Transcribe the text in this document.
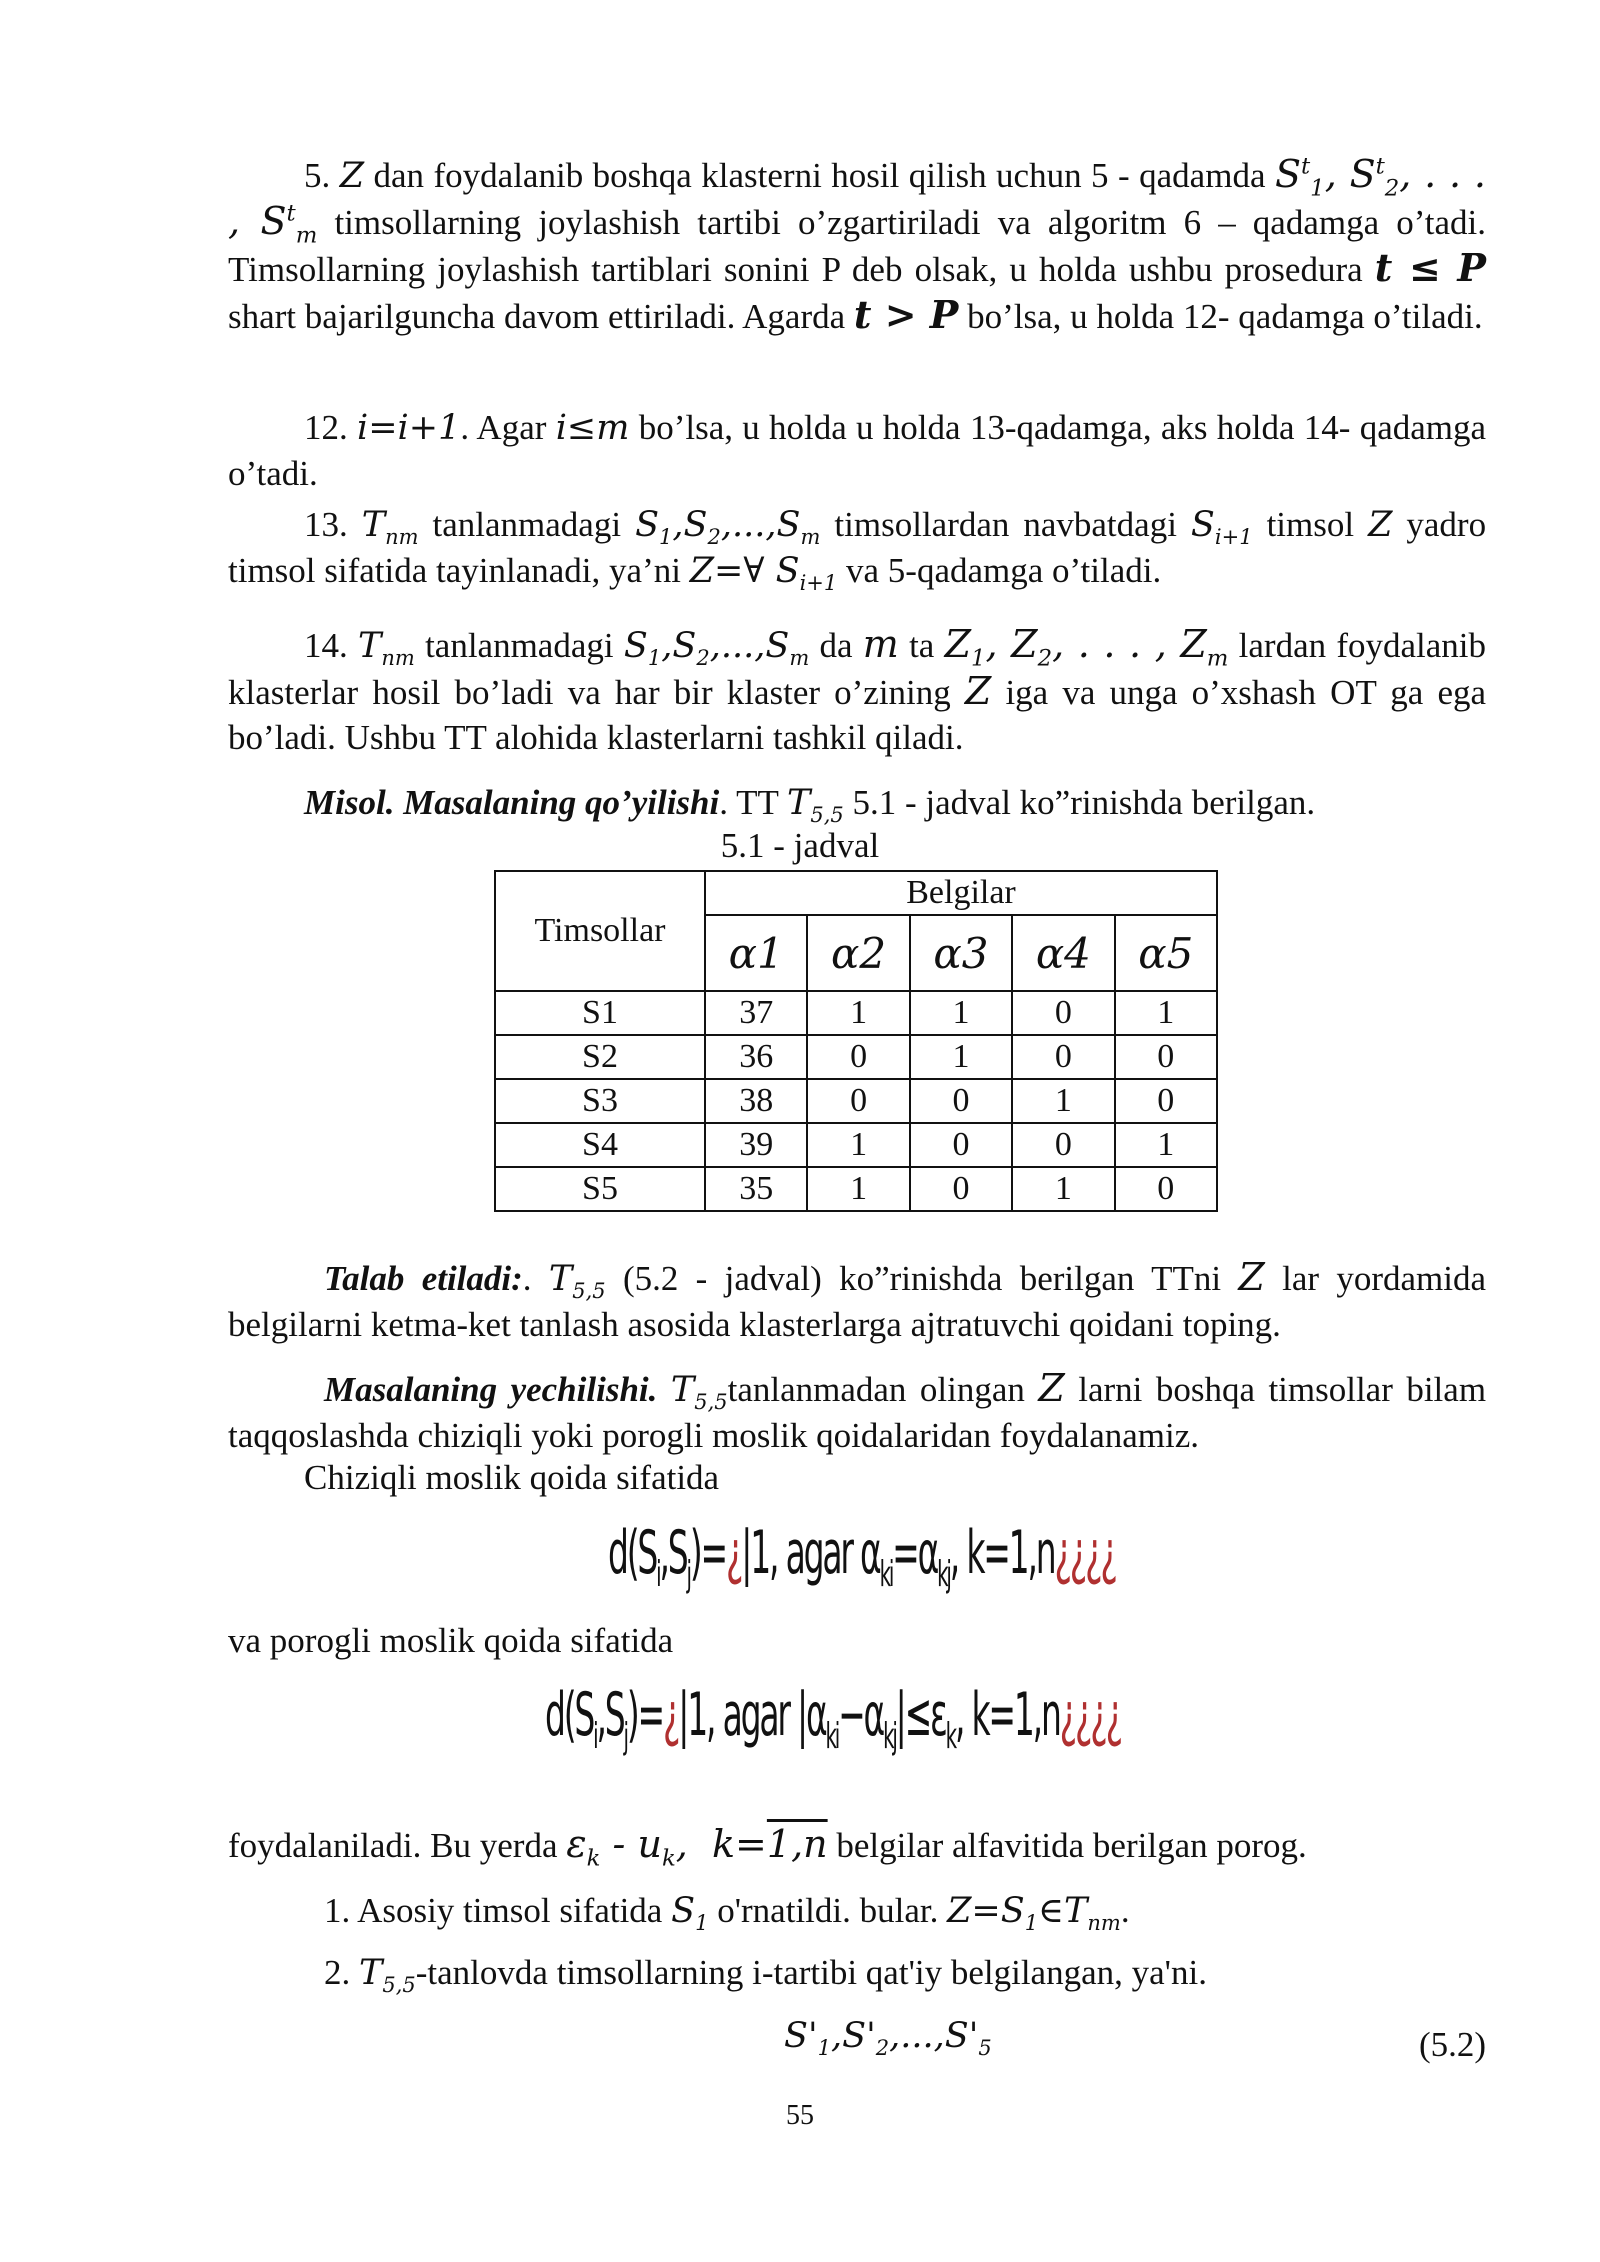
5. Z dan foydalanib boshqa klasterni hosil qilish uchun 5 - qadamda $S^t_1$, $S^t_2$, . . . , $S^t_m$ timsollarning joylashish tartibi o’zgartiriladi va algoritm 6 – qadamga o’tadi. Timsollarning joylashish tartiblari sonini P deb olsak, u holda ushbu prosedura t ≤ P shart bajarilguncha davom ettiriladi. Agarda t > P bo’lsa, u holda 12- qadamga o’tiladi.

12. i=i+1. Agar i≤m bo’lsa, u holda u holda 13-qadamga, aks holda 14- qadamga o’tadi.

13. $T_{nm}$ tanlanmadagi $S_1,S_2,...,S_m$ timsollardan navbatdagi $S_{i+1}$ timsol Z yadro timsol sifatida tayinlanadi, ya’ni Z=∀ $S_{i+1}$ va 5-qadamga o’tiladi.

14. $T_{nm}$ tanlanmadagi $S_1,S_2,...,S_m$ da m ta $Z_1$, $Z_2$, . . . , $Z_m$ lardan foydalanib klasterlar hosil bo’ladi va har bir klaster o’zining Z iga va unga o’xshash OT ga ega bo’ladi. Ushbu TT alohida klasterlarni tashkil qiladi.

Misol. Masalaning qo’yilishi. TT $T_{5,5}$ 5.1 - jadval ko”rinishda berilgan.

5.1 - jadval
Timsollar	Belgilar				
	α1	α2	α3	α4	α5
S1	37	1	1	0	1
S2	36	0	1	0	0
S3	38	0	0	1	0
S4	39	1	0	0	1
S5	35	1	0	1	0

Talab etiladi:. $T_{5,5}$ (5.2 - jadval) ko”rinishda berilgan TTni Z lar yordamida belgilarni ketma-ket tanlash asosida klasterlarga ajtratuvchi qoidani toping.

Masalaning yechilishi. $T_{5,5}tanlanmadan$ olingan Z larni boshqa timsollar bilam taqqoslashda chiziqli yoki porogli moslik qoidalaridan foydalanamiz.

Chiziqli moslik qoida sifatida

$d(S_i,S_j)=¿|1$, agar $\alpha_{ki}=\alpha_{kj}$, k=1,n¿¿¿¿

va porogli moslik qoida sifatida

$d(S_i,S_j)=¿|1$, agar $|\alpha_{ki}-\alpha_{kj}|\le\varepsilon_k$, k=1,n¿¿¿¿

foydalaniladi. Bu yerda $\varepsilon_k - u_k$,  k=1,n belgilar alfavitida berilgan porog.

1. Asosiy timsol sifatida $S_1$ o'rnatildi. bular. $Z=S_1\in T_{nm}$.

2. $T_{5,5}$-tanlovda timsollarning i-tartibi qat'iy belgilangan, ya'ni.

$S'_1,S'_2,...,S'_5$	(5.2)
55
